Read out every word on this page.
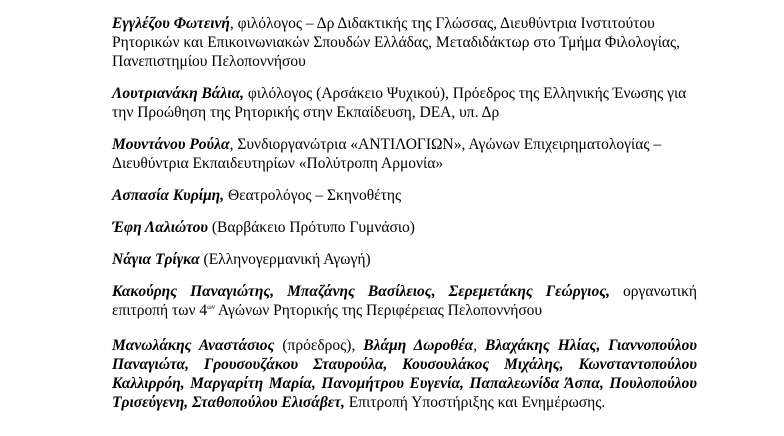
Εγγλέζου Φωτεινή, φιλόλογος – Δρ Διδακτικής της Γλώσσας, Διευθύντρια Ινστιτούτου Ρητορικών και Επικοινωνιακών Σπουδών Ελλάδας, Μεταδιδάκτωρ στο Τμήμα Φιλολογίας, Πανεπιστημίου Πελοποννήσου

Λουτριανάκη Βάλια, φιλόλογος (Αρσάκειο Ψυχικού), Πρόεδρος της Ελληνικής Ένωσης για την Προώθηση της Ρητορικής στην Εκπαίδευση, DEA, υπ. Δρ

Μουντάνου Ρούλα, Συνδιοργανώτρια «ΑΝΤΙΛΟΓΙΩΝ», Αγώνων Επιχειρηματολογίας – Διευθύντρια Εκπαιδευτηρίων «Πολύτροπη Αρμονία»

Ασπασία Κυρίμη, Θεατρολόγος – Σκηνοθέτης

Έφη Λαλιώτου (Βαρβάκειο Πρότυπο Γυμνάσιο)

Νάγια Τρίγκα (Ελληνογερμανική Αγωγή)

Κακούρης Παναγιώτης, Μπαζάνης Βασίλειος, Σερεμετάκης Γεώργιος, οργανωτική επιτροπή των $4^{\omega\nu}$ Αγώνων Ρητορικής της Περιφέρειας Πελοποννήσου

Μανωλάκης Αναστάσιος (πρόεδρος), Βλάμη Δωροθέα, Βλαχάκης Ηλίας, Γιαννοπούλου Παναγιώτα, Γρουσουζάκου Σταυρούλα, Κουσουλάκος Μιχάλης, Κωνσταντοπούλου Καλλιρρόη, Μαργαρίτη Μαρία, Πανομήτρου Ευγενία, Παπαλεωνίδα Άσπα, Πουλοπούλου Τρισεύγενη, Σταθοπούλου Ελισάβετ, Επιτροπή Υποστήριξης και Ενημέρωσης.
